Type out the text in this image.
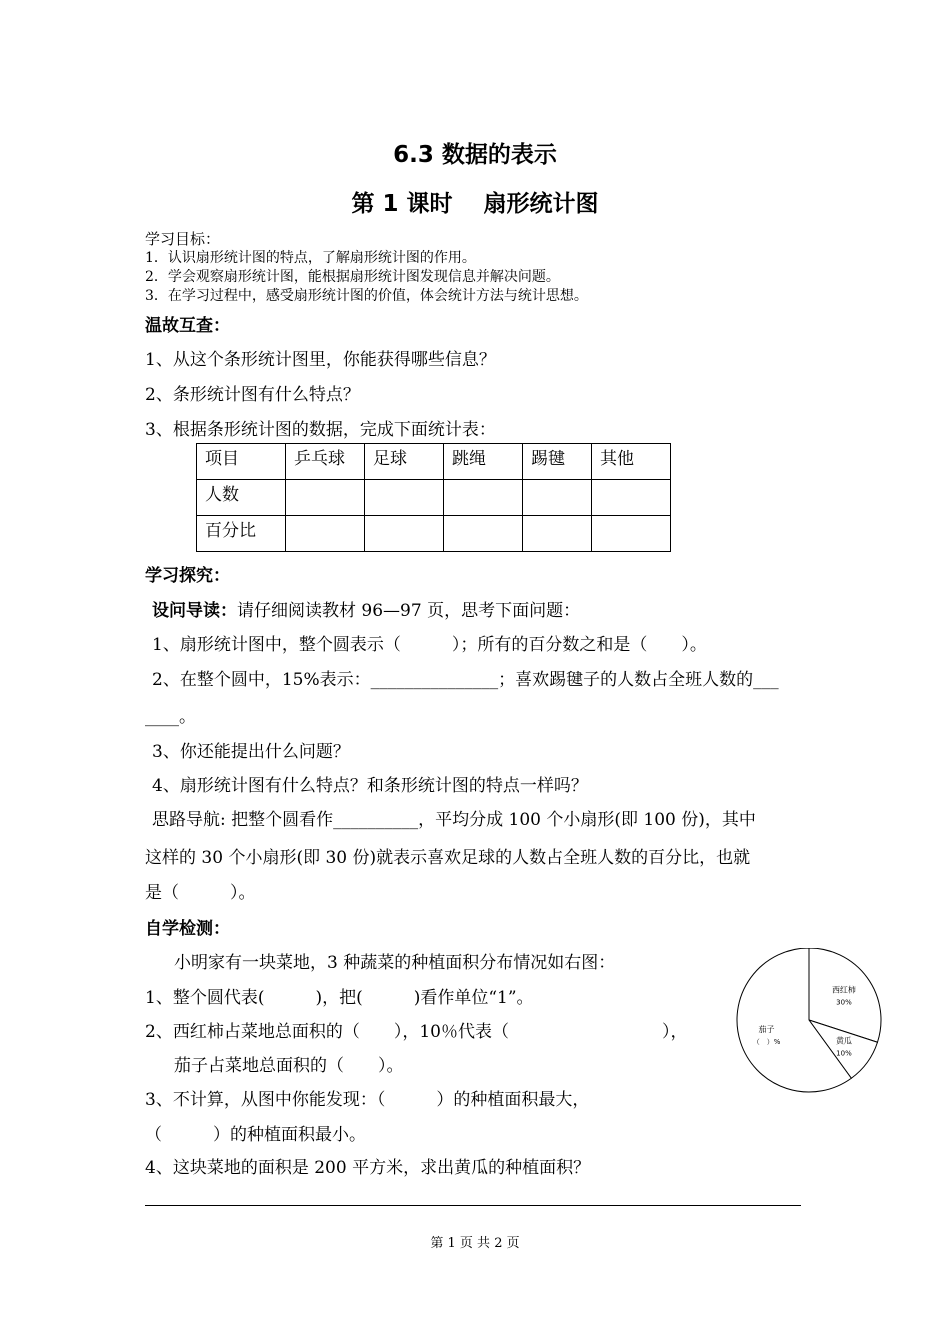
6.3 数据的表示
第 1 课时　 扇形统计图
学习目标：
1．认识扇形统计图的特点，了解扇形统计图的作用。
2．学会观察扇形统计图，能根据扇形统计图发现信息并解决问题。
3．在学习过程中，感受扇形统计图的价值，体会统计方法与统计思想。
温故互查：
1、从这个条形统计图里，你能获得哪些信息？
2、条形统计图有什么特点？
3、根据条形统计图的数据，完成下面统计表：
项目	乒乓球	足球	跳绳	踢毽	其他
人数					
百分比					
学习探究：
设问导读：请仔细阅读教材 96—97 页，思考下面问题：
1、扇形统计图中，整个圆表示（　　　）；所有的百分数之和是（　　）。
2、在整个圆中，15%表示：_______________；喜欢踢毽子的人数占全班人数的___
____。
3、你还能提出什么问题？
4、扇形统计图有什么特点？和条形统计图的特点一样吗？
思路导航: 把整个圆看作__________，平均分成 100 个小扇形(即 100 份)，其中
这样的 30 个小扇形(即 30 份)就表示喜欢足球的人数占全班人数的百分比，也就
是（　　　）。
自学检测：
小明家有一块菜地，3 种蔬菜的种植面积分布情况如右图：
1、整个圆代表(　　　)，把(　　　)看作单位“1”。
2、西红柿占菜地总面积的（　　），10％代表（　　　　　　　　　），
茄子占菜地总面积的（　　）。
3、不计算，从图中你能发现：（　　　）的种植面积最大，
（　　　）的种植面积最小。
4、这块菜地的面积是 200 平方米，求出黄瓜的种植面积？
西红柿
30%
黄瓜
10%
茄子
（　）%
第 1 页 共 2 页
